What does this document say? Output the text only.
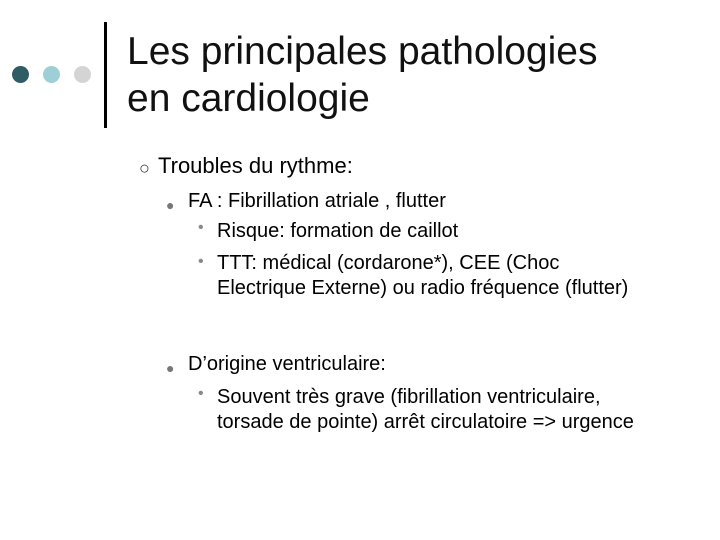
Les principales pathologies
en cardiologie
○ Troubles du rythme:
● FA : Fibrillation atriale , flutter
• Risque: formation de caillot
• TTT: médical (cordarone*), CEE (Choc Electrique Externe) ou radio fréquence (flutter)
● D’origine ventriculaire:
• Souvent très grave (fibrillation ventriculaire, torsade de pointe) arrêt circulatoire => urgence
